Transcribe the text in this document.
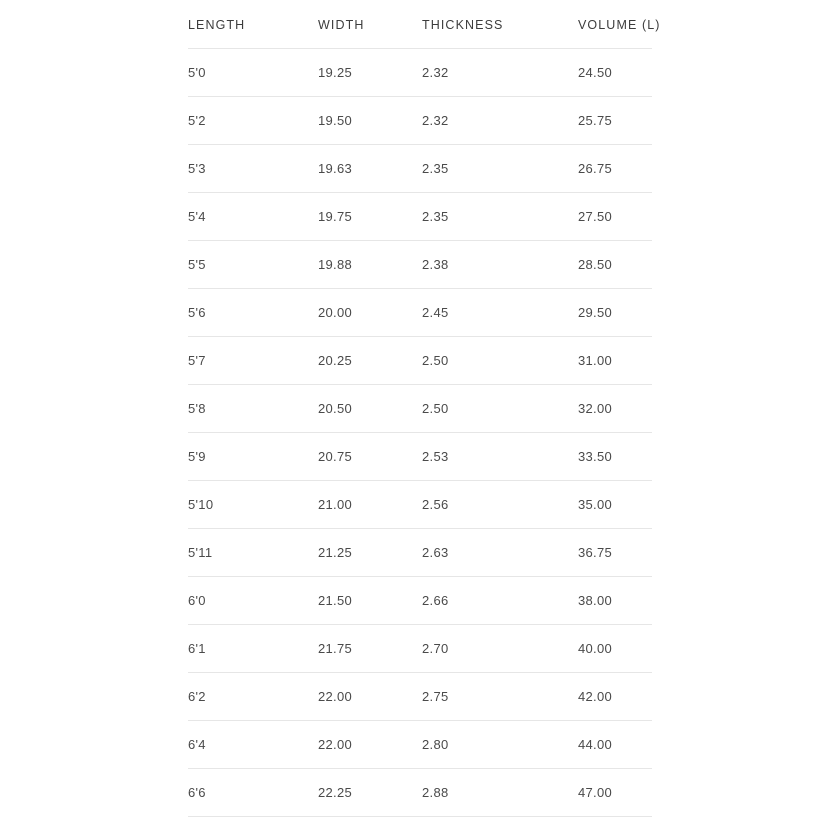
LENGTH	WIDTH	THICKNESS	VOLUME (L)
5'0	19.25	2.32	24.50
5'2	19.50	2.32	25.75
5'3	19.63	2.35	26.75
5'4	19.75	2.35	27.50
5'5	19.88	2.38	28.50
5'6	20.00	2.45	29.50
5'7	20.25	2.50	31.00
5'8	20.50	2.50	32.00
5'9	20.75	2.53	33.50
5'10	21.00	2.56	35.00
5'11	21.25	2.63	36.75
6'0	21.50	2.66	38.00
6'1	21.75	2.70	40.00
6'2	22.00	2.75	42.00
6'4	22.00	2.80	44.00
6'6	22.25	2.88	47.00
